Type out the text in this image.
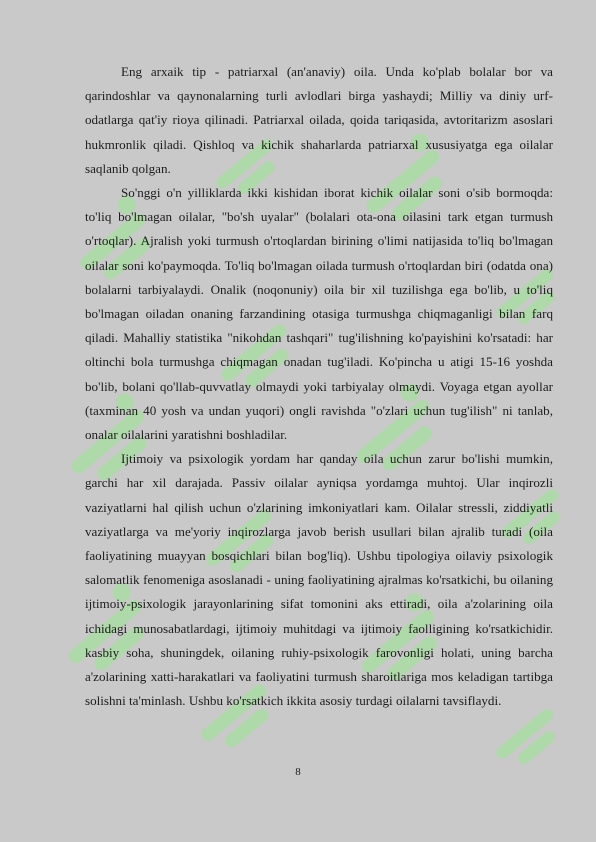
Eng arxaik tip - patriarxal (an'anaviy) oila. Unda ko'plab bolalar bor va qarindoshlar va qaynonalarning turli avlodlari birga yashaydi; Milliy va diniy urf-odatlarga qat'iy rioya qilinadi. Patriarxal oilada, qoida tariqasida, avtoritarizm asoslari hukmronlik qiladi. Qishloq va kichik shaharlarda patriarxal xususiyatga ega oilalar saqlanib qolgan.

So'nggi o'n yilliklarda ikki kishidan iborat kichik oilalar soni o'sib bormoqda: to'liq bo'lmagan oilalar, "bo'sh uyalar" (bolalari ota-ona oilasini tark etgan turmush o'rtoqlar). Ajralish yoki turmush o'rtoqlardan birining o'limi natijasida to'liq bo'lmagan oilalar soni ko'paymoqda. To'liq bo'lmagan oilada turmush o'rtoqlardan biri (odatda ona) bolalarni tarbiyalaydi. Onalik (noqonuniy) oila bir xil tuzilishga ega bo'lib, u to'liq bo'lmagan oiladan onaning farzandining otasiga turmushga chiqmaganligi bilan farq qiladi. Mahalliy statistika "nikohdan tashqari" tug'ilishning ko'payishini ko'rsatadi: har oltinchi bola turmushga chiqmagan onadan tug'iladi. Ko'pincha u atigi 15-16 yoshda bo'lib, bolani qo'llab-quvvatlay olmaydi yoki tarbiyalay olmaydi. Voyaga etgan ayollar (taxminan 40 yosh va undan yuqori) ongli ravishda "o'zlari uchun tug'ilish" ni tanlab, onalar oilalarini yaratishni boshladilar.

Ijtimoiy va psixologik yordam har qanday oila uchun zarur bo'lishi mumkin, garchi har xil darajada. Passiv oilalar ayniqsa yordamga muhtoj. Ular inqirozli vaziyatlarni hal qilish uchun o'zlarining imkoniyatlari kam. Oilalar stressli, ziddiyatli vaziyatlarga va me'yoriy inqirozlarga javob berish usullari bilan ajralib turadi (oila faoliyatining muayyan bosqichlari bilan bog'liq). Ushbu tipologiya oilaviy psixologik salomatlik fenomeniga asoslanadi - uning faoliyatining ajralmas ko'rsatkichi, bu oilaning ijtimoiy-psixologik jarayonlarining sifat tomonini aks ettiradi, oila a'zolarining oila ichidagi munosabatlardagi, ijtimoiy muhitdagi va ijtimoiy faolligining ko'rsatkichidir. kasbiy soha, shuningdek, oilaning ruhiy-psixologik farovonligi holati, uning barcha a'zolarining xatti-harakatlari va faoliyatini turmush sharoitlariga mos keladigan tartibga solishni ta'minlash. Ushbu ko'rsatkich ikkita asosiy turdagi oilalarni tavsiflaydi.

8
